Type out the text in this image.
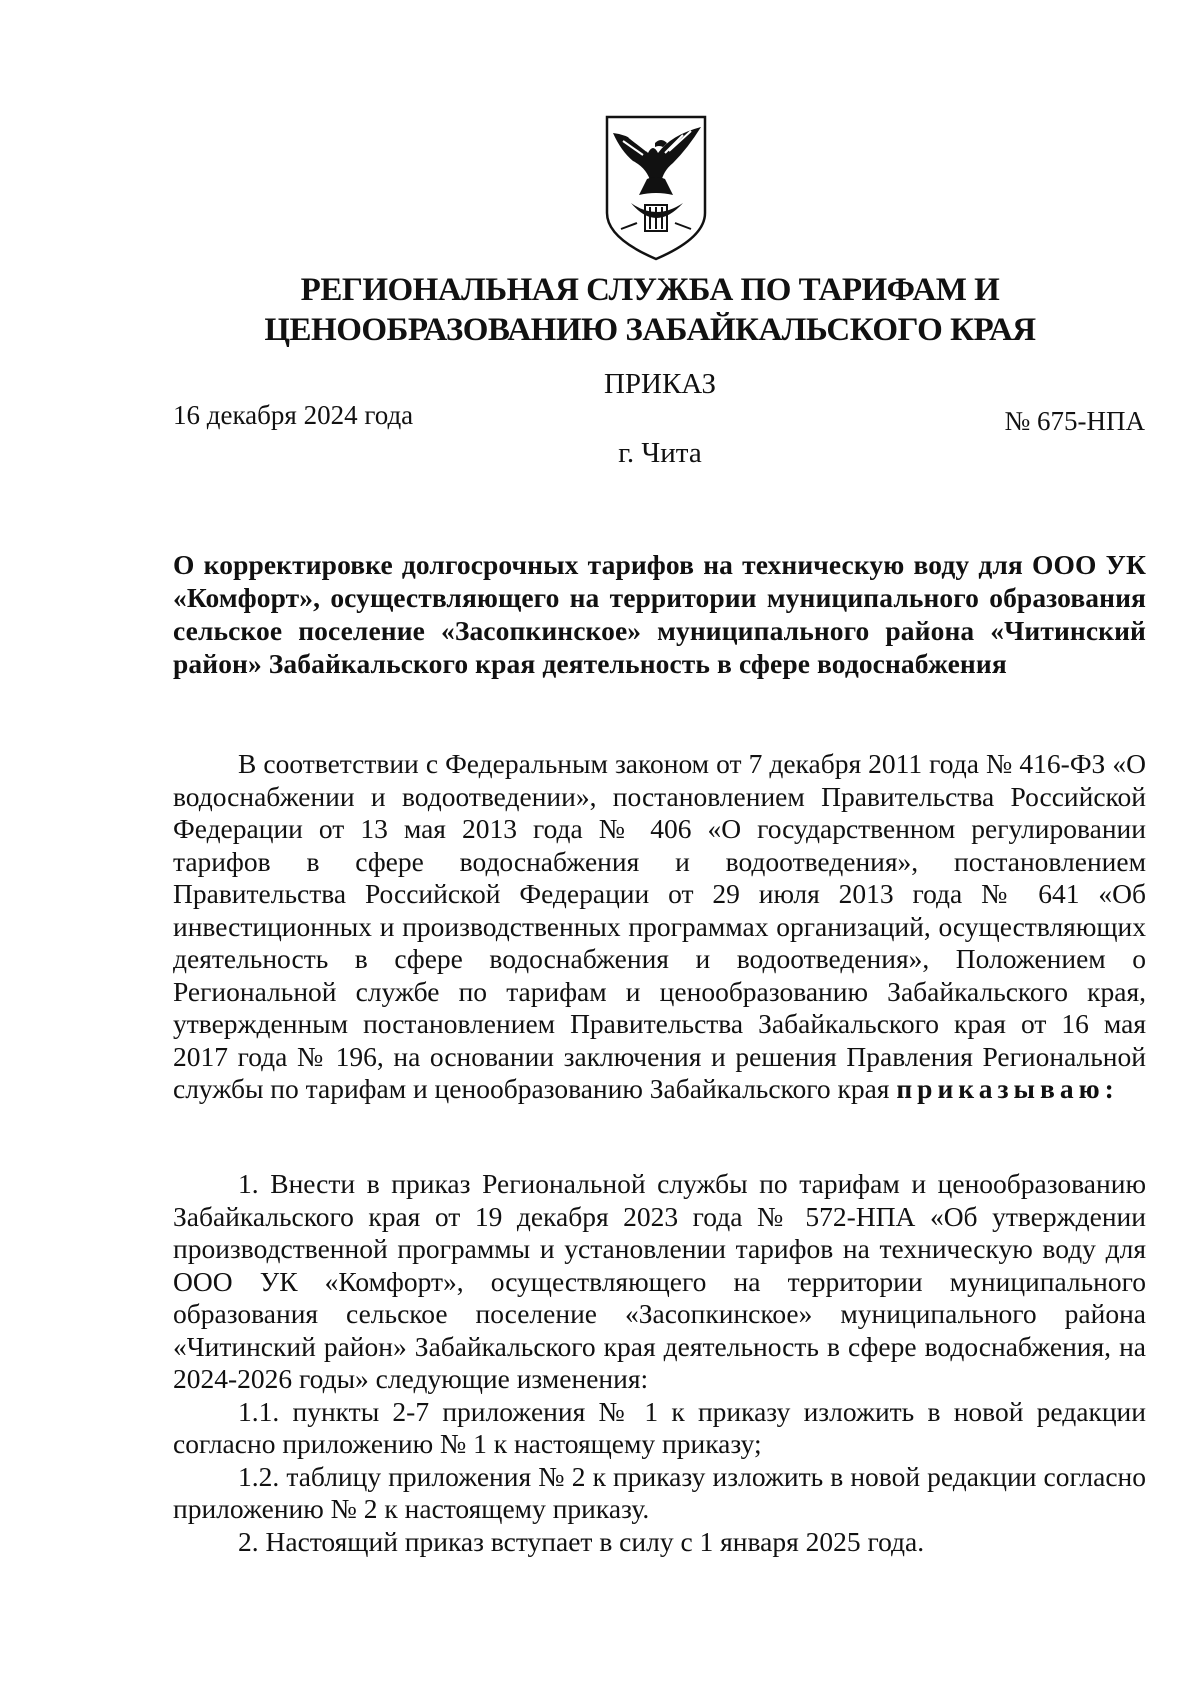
РЕГИОНАЛЬНАЯ СЛУЖБА ПО ТАРИФАМ И
ЦЕНООБРАЗОВАНИЮ ЗАБАЙКАЛЬСКОГО КРАЯ
ПРИКАЗ
16 декабря 2024 года	№ 675-НПА
г. Чита
О корректировке долгосрочных тарифов на техническую воду для ООО УК «Комфорт», осуществляющего на территории муниципального образования сельское поселение «Засопкинское» муниципального района «Читинский район» Забайкальского края деятельность в сфере водоснабжения
В соответствии с Федеральным законом от 7 декабря 2011 года № 416-ФЗ «О водоснабжении и водоотведении», постановлением Правительства Российской Федерации от 13 мая 2013 года № 406 «О государственном регулировании тарифов в сфере водоснабжения и водоотведения», постановлением Правительства Российской Федерации от 29 июля 2013 года № 641 «Об инвестиционных и производственных программах организаций, осуществляющих деятельность в сфере водоснабжения и водоотведения», Положением о Региональной службе по тарифам и ценообразованию Забайкальского края, утвержденным постановлением Правительства Забайкальского края от 16 мая 2017 года № 196, на основании заключения и решения Правления Региональной службы по тарифам и ценообразованию Забайкальского края приказываю:

1. Внести в приказ Региональной службы по тарифам и ценообразованию Забайкальского края от 19 декабря 2023 года № 572-НПА «Об утверждении производственной программы и установлении тарифов на техническую воду для ООО УК «Комфорт», осуществляющего на территории муниципального образования сельское поселение «Засопкинское» муниципального района «Читинский район» Забайкальского края деятельность в сфере водоснабжения, на 2024-2026 годы» следующие изменения:

1.1. пункты 2-7 приложения № 1 к приказу изложить в новой редакции согласно приложению № 1 к настоящему приказу;

1.2. таблицу приложения № 2 к приказу изложить в новой редакции согласно приложению № 2 к настоящему приказу.

2. Настоящий приказ вступает в силу с 1 января 2025 года.
